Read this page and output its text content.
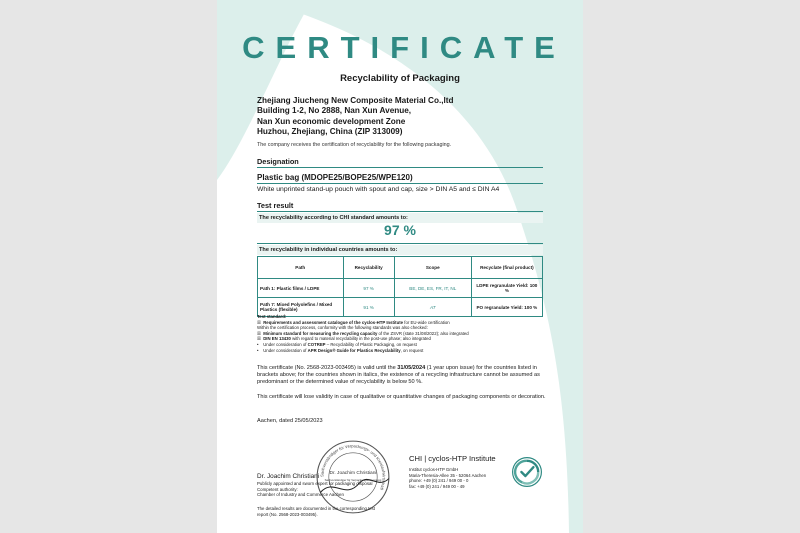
CERTIFICATE
Recyclability of Packaging
Zhejiang Jiucheng New Composite Material Co.,ltd
Building 1-2, No 2888, Nan Xun Avenue,
Nan Xun economic development Zone
Huzhou, Zhejiang, China (ZIP 313009)
The company receives the certification of recyclability for the following packaging.
Designation
Plastic bag (MDOPE25/BOPE25/WPE120)
White unprinted stand-up pouch with spout and cap, size > DIN A5 and ≤ DIN A4
Test result
The recyclability according to CHI standard amounts to:
97 %
The recyclability in individual countries amounts to:
Path	Recyclability	Scope	Recyclate (final product)
Path 1: Plastic films / LDPE	97 %	BE, DE, ES, FR, IT, NL	LDPE regranulate Yield: 100 %
Path 7: Mixed Polyolefins / Mixed Plastics (flexible)	91 %	AT	PO regranulate Yield: 100 %
Test standard:
☒ Requirements and assessment catalogue of the cyclos-HTP Institute for EU-wide certification
Within the certification process, conformity with the following standards was also checked:
☒ Minimum standard for measuring the recycling capacity of the ZSVR (state 31/08/2022); also integrated
☒ DIN EN 13430 with regard to material recyclability in the post-use phase; also integrated
• Under consideration of COTREP – Recyclability of Plastic Packaging, on request
• Under consideration of APR Design® Guide for Plastics Recyclability, on request
This certificate (No. 2568-2023-003495) is valid until the 31/05/2024 (1 year upon issue) for the countries listed in brackets above; for the countries shown in italics, the existence of a recycling infrastructure cannot be assumed as predominant or the determined value of recyclability is below 50 %.
This certificate will lose validity in case of qualitative or quantitative changes of packaging components or decoration.
Aachen, dated 25/05/2023
Sachverständiger für Verpackungs- und Kreislaufwirtschaft
Dr. Joachim Christiani
Sachverständiger für Verpackungsentsorgung
Dr. Joachim Christiani
Publicly appointed and sworn expert for packaging disposal
Competent authority:
Chamber of Industry and Commerce Aachen
The detailed results are documented in the corresponding test
report (No. 2568-2023-003495).
CHI | cyclos-HTP Institute
Institut cyclos-HTP GmbH
Maria-Theresia-Allee 35 - 52064 Aachen
phone: +49 (0) 241 / 949 00 - 0
fax: +49 (0) 241 / 949 00 - 49
